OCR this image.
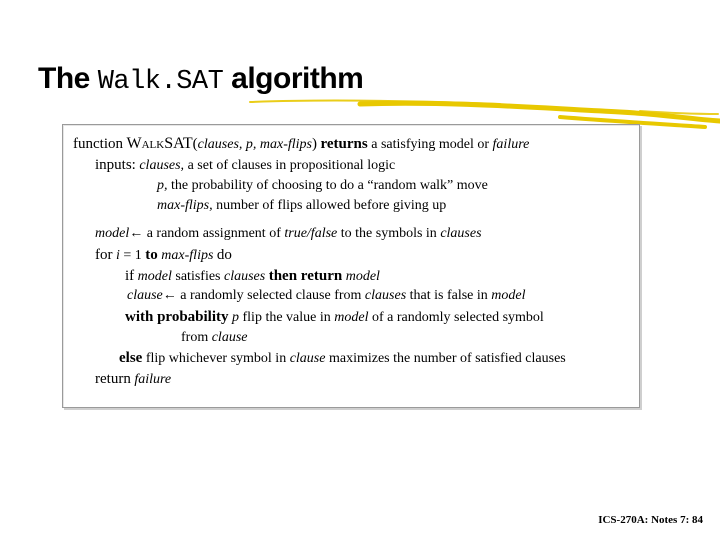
The Walk.SAT algorithm
function WalkSAT(clauses, p, max-flips) returns a satisfying model or failure
inputs: clauses, a set of clauses in propositional logic
p, the probability of choosing to do a “random walk” move
max-flips, number of flips allowed before giving up
model← a random assignment of true/false to the symbols in clauses
for i = 1 to max-flips do
if model satisfies clauses then return model
clause← a randomly selected clause from clauses that is false in model
with probability p flip the value in model of a randomly selected symbol
from clause
else flip whichever symbol in clause maximizes the number of satisfied clauses
return failure

ICS-270A: Notes 7: 84
